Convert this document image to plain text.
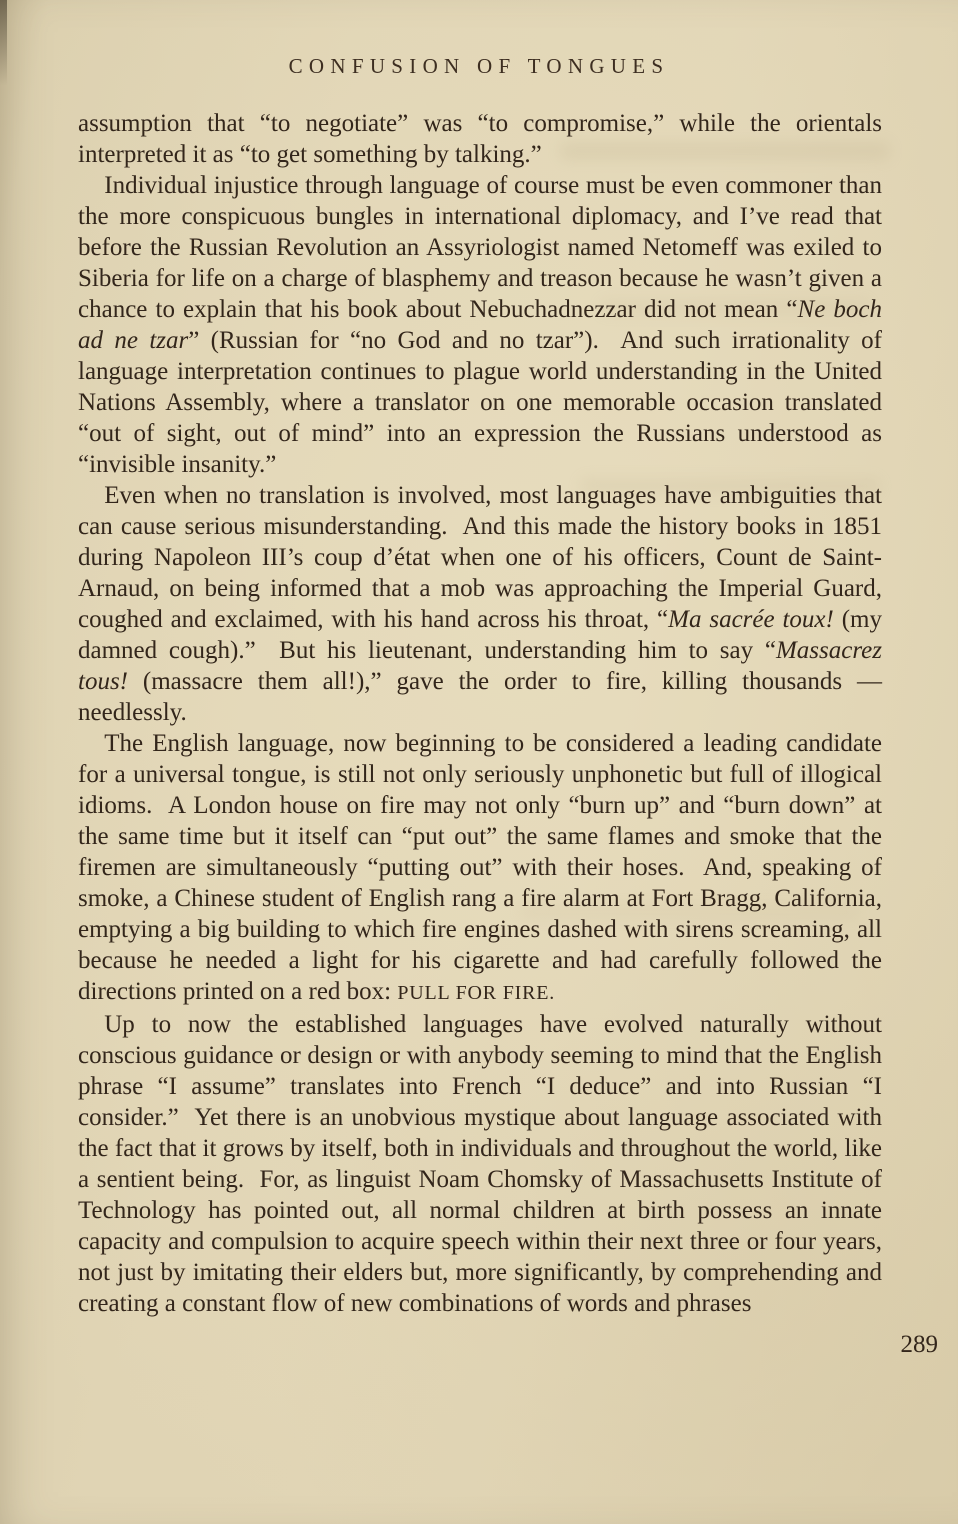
CONFUSION OF TONGUES

assumption that “to negotiate” was “to compromise,” while the orientals interpreted it as “to get something by talking.”

Individual injustice through language of course must be even commoner than the more conspicuous bungles in international diplomacy, and I’ve read that before the Russian Revolution an Assyriologist named Netomeff was exiled to Siberia for life on a charge of blasphemy and treason because he wasn’t given a chance to explain that his book about Nebuchadnezzar did not mean “Ne boch ad ne tzar” (Russian for “no God and no tzar”).  And such irrationality of language interpretation continues to plague world understanding in the United Nations Assembly, where a translator on one memorable occasion translated “out of sight, out of mind” into an expression the Russians understood as “invisible insanity.”

Even when no translation is involved, most languages have ambiguities that can cause serious misunderstanding.  And this made the history books in 1851 during Napoleon III’s coup d’état when one of his officers, Count de Saint-Arnaud, on being informed that a mob was approaching the Imperial Guard, coughed and exclaimed, with his hand across his throat, “Ma sacrée toux! (my damned cough).”  But his lieutenant, understanding him to say “Massacrez tous! (massacre them all!),” gave the order to fire, killing thousands — needlessly.

The English language, now beginning to be considered a leading candidate for a universal tongue, is still not only seriously unphonetic but full of illogical idioms.  A London house on fire may not only “burn up” and “burn down” at the same time but it itself can “put out” the same flames and smoke that the firemen are simultaneously “putting out” with their hoses.  And, speaking of smoke, a Chinese student of English rang a fire alarm at Fort Bragg, California, emptying a big building to which fire engines dashed with sirens screaming, all because he needed a light for his cigarette and had carefully followed the directions printed on a red box: PULL FOR FIRE.

Up to now the established languages have evolved naturally without conscious guidance or design or with anybody seeming to mind that the English phrase “I assume” translates into French “I deduce” and into Russian “I consider.”  Yet there is an unobvious mystique about language associated with the fact that it grows by itself, both in individuals and throughout the world, like a sentient being.  For, as linguist Noam Chomsky of Massachusetts Institute of Technology has pointed out, all normal children at birth possess an innate capacity and compulsion to acquire speech within their next three or four years, not just by imitating their elders but, more significantly, by comprehending and creating a constant flow of new combinations of words and phrases

289
